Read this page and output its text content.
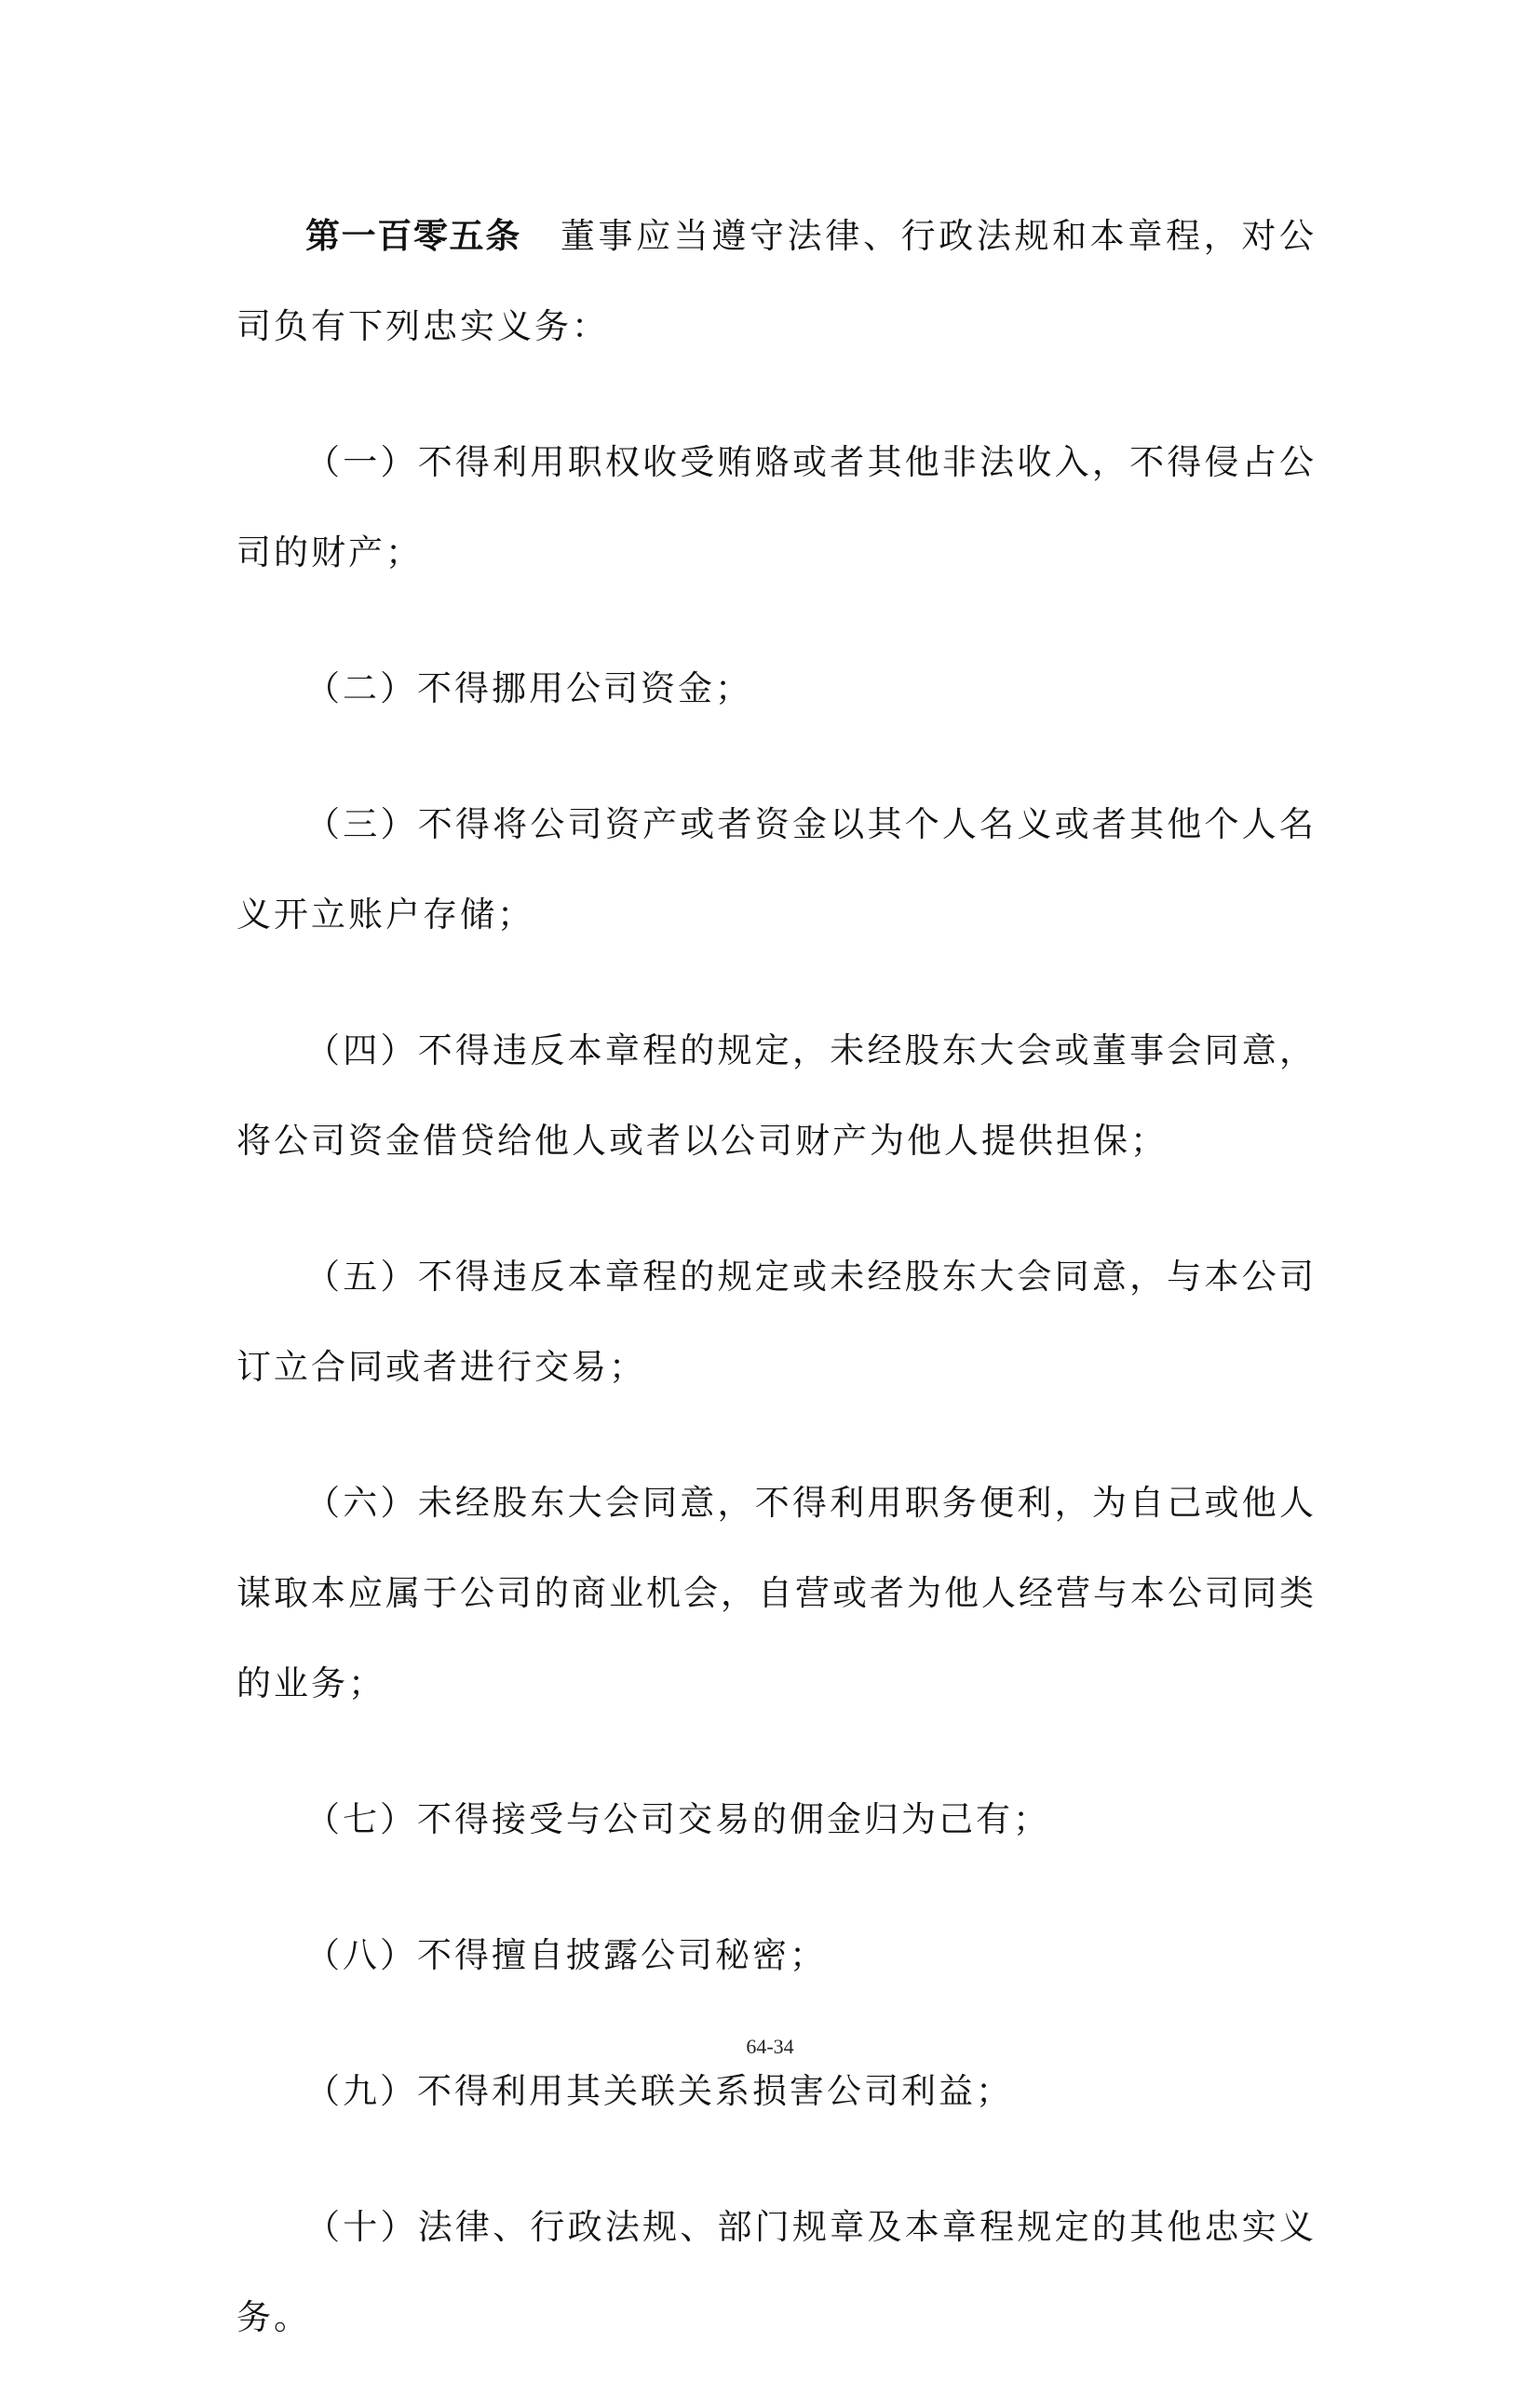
第一百零五条 董事应当遵守法律、行政法规和本章程，对公司负有下列忠实义务：

（一）不得利用职权收受贿赂或者其他非法收入，不得侵占公司的财产；

（二）不得挪用公司资金；

（三）不得将公司资产或者资金以其个人名义或者其他个人名义开立账户存储；

（四）不得违反本章程的规定，未经股东大会或董事会同意，将公司资金借贷给他人或者以公司财产为他人提供担保；

（五）不得违反本章程的规定或未经股东大会同意，与本公司订立合同或者进行交易；

（六）未经股东大会同意，不得利用职务便利，为自己或他人谋取本应属于公司的商业机会，自营或者为他人经营与本公司同类的业务；

（七）不得接受与公司交易的佣金归为己有；

（八）不得擅自披露公司秘密；

（九）不得利用其关联关系损害公司利益；

（十）法律、行政法规、部门规章及本章程规定的其他忠实义务。

64-34
